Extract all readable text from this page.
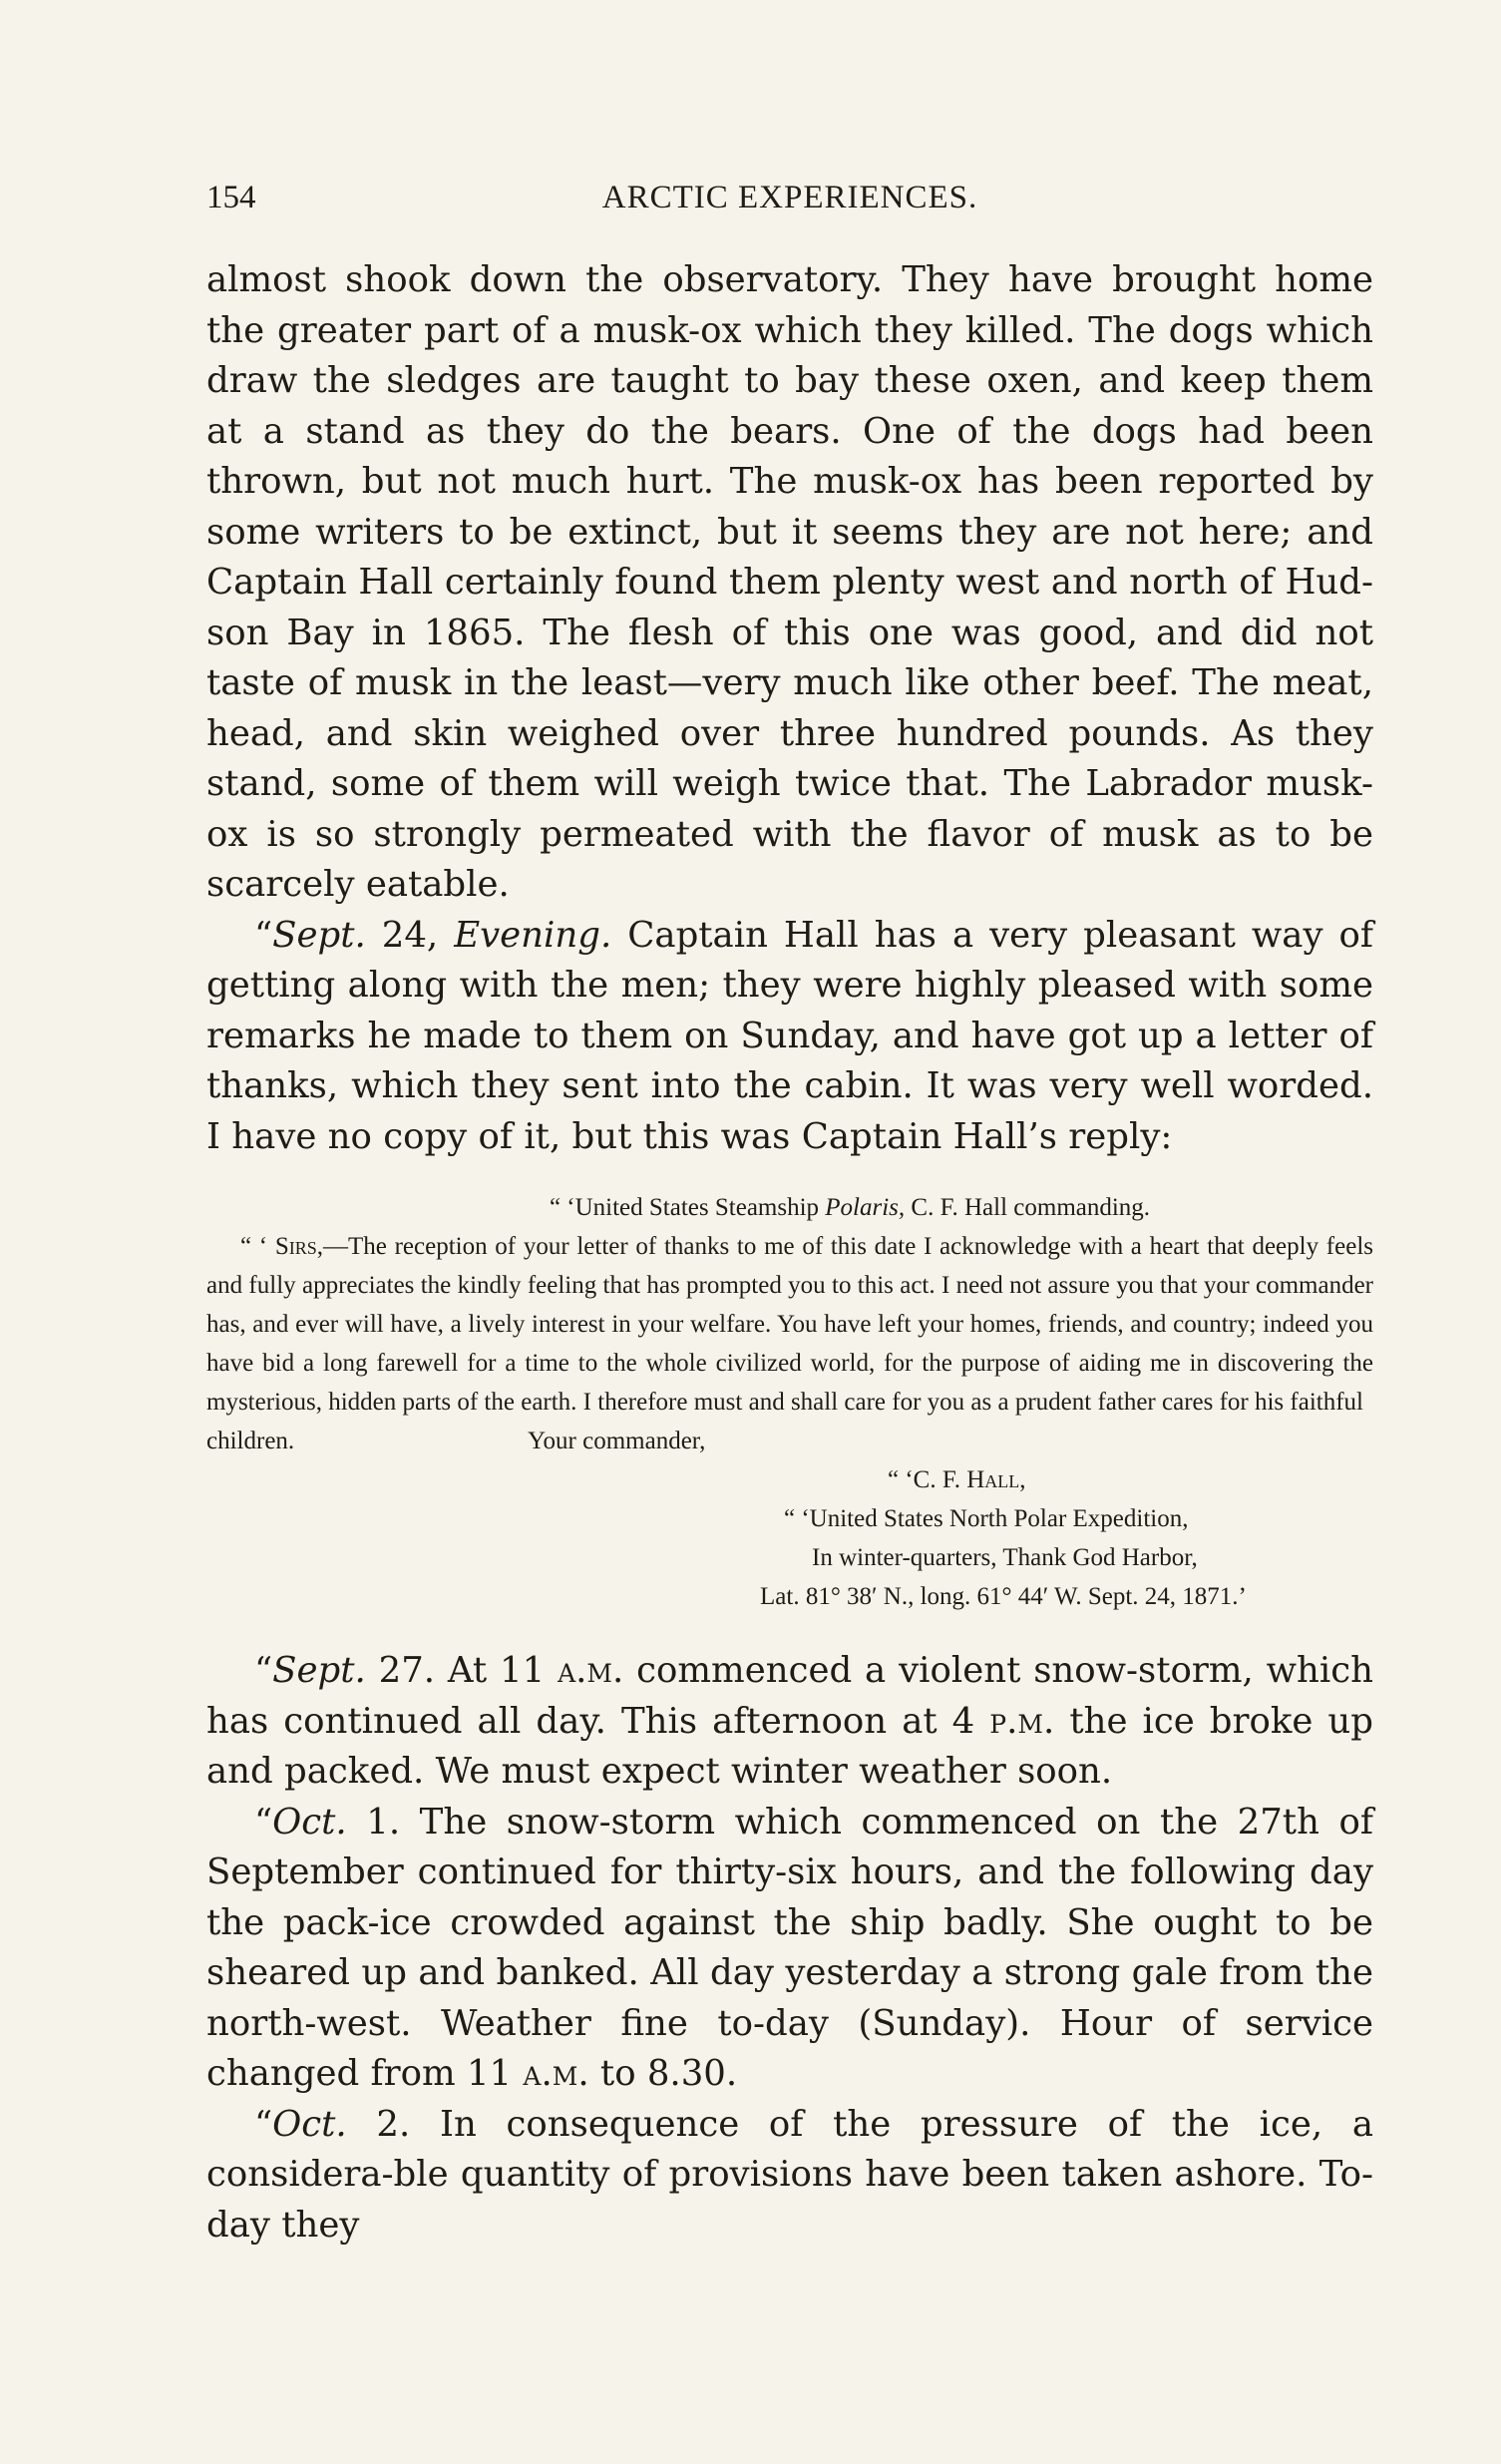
154	ARCTIC EXPERIENCES.

almost shook down the observatory. They have brought home the greater part of a musk-ox which they killed. The dogs which draw the sledges are taught to bay these oxen, and keep them at a stand as they do the bears. One of the dogs had been thrown, but not much hurt. The musk-ox has been reported by some writers to be extinct, but it seems they are not here; and Captain Hall certainly found them plenty west and north of Hud-son Bay in 1865. The flesh of this one was good, and did not taste of musk in the least—very much like other beef. The meat, head, and skin weighed over three hundred pounds. As they stand, some of them will weigh twice that. The Labrador musk-ox is so strongly permeated with the flavor of musk as to be scarcely eatable.

“Sept. 24, Evening. Captain Hall has a very pleasant way of getting along with the men; they were highly pleased with some remarks he made to them on Sunday, and have got up a letter of thanks, which they sent into the cabin. It was very well worded. I have no copy of it, but this was Captain Hall’s reply:

“ ‘United States Steamship Polaris, C. F. Hall commanding.

“ ‘ Sirs,—The reception of your letter of thanks to me of this date I acknowledge with a heart that deeply feels and fully appreciates the kindly feeling that has prompted you to this act. I need not assure you that your commander has, and ever will have, a lively interest in your welfare. You have left your homes, friends, and country; indeed you have bid a long farewell for a time to the whole civilized world, for the purpose of aiding me in discovering the mysterious, hidden parts of the earth. I therefore must and shall care for you as a prudent father cares for his faithful

children.	Your commander,
“ ‘C. F. Hall,
“ ‘United States North Polar Expedition,
In winter-quarters, Thank God Harbor,
Lat. 81° 38′ N., long. 61° 44′ W. Sept. 24, 1871.’

“Sept. 27. At 11 a.m. commenced a violent snow-storm, which has continued all day. This afternoon at 4 p.m. the ice broke up and packed. We must expect winter weather soon.

“Oct. 1. The snow-storm which commenced on the 27th of September continued for thirty-six hours, and the following day the pack-ice crowded against the ship badly. She ought to be sheared up and banked. All day yesterday a strong gale from the north-west. Weather fine to-day (Sunday). Hour of service changed from 11 a.m. to 8.30.

“Oct. 2. In consequence of the pressure of the ice, a considera-ble quantity of provisions have been taken ashore. To-day they
